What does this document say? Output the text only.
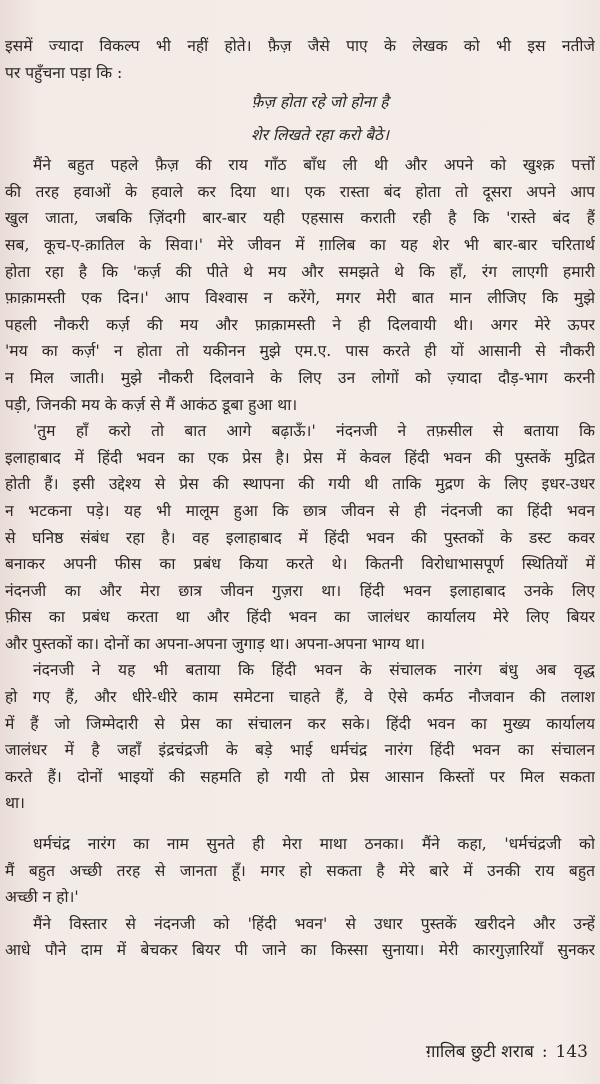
इसमें ज्यादा विकल्प भी नहीं होते। फ़ैज़ जैसे पाए के लेखक को भी इस नतीजे
पर पहुँचना पड़ा कि :
फ़ैज़ होता रहे जो होना है
शेर लिखते रहा करो बैठे।
मैंने बहुत पहले फ़ैज़ की राय गाँठ बाँध ली थी और अपने को खुश्क़ पत्तों
की तरह हवाओं के हवाले कर दिया था। एक रास्ता बंद होता तो दूसरा अपने आप
खुल जाता, जबकि ज़िंदगी बार-बार यही एहसास कराती रही है कि 'रास्ते बंद हैं
सब, कूच-ए-क़ातिल के सिवा।' मेरे जीवन में ग़ालिब का यह शेर भी बार-बार चरितार्थ
होता रहा है कि 'कर्ज़ की पीते थे मय और समझते थे कि हाँ, रंग लाएगी हमारी
फ़ाक़ामस्ती एक दिन।' आप विश्वास न करेंगे, मगर मेरी बात मान लीजिए कि मुझे
पहली नौकरी कर्ज़ की मय और फ़ाक़ामस्ती ने ही दिलवायी थी। अगर मेरे ऊपर
'मय का कर्ज़' न होता तो यकीनन मुझे एम.ए. पास करते ही यों आसानी से नौकरी
न मिल जाती। मुझे नौकरी दिलवाने के लिए उन लोगों को ज़्यादा दौड़-भाग करनी
पड़ी, जिनकी मय के कर्ज़ से मैं आकंठ डूबा हुआ था।
'तुम हाँ करो तो बात आगे बढ़ाऊँ।' नंदनजी ने तफ़सील से बताया कि
इलाहाबाद में हिंदी भवन का एक प्रेस है। प्रेस में केवल हिंदी भवन की पुस्तकें मुद्रित
होती हैं। इसी उद्देश्य से प्रेस की स्थापना की गयी थी ताकि मुद्रण के लिए इधर-उधर
न भटकना पड़े। यह भी मालूम हुआ कि छात्र जीवन से ही नंदनजी का हिंदी भवन
से घनिष्ठ संबंध रहा है। वह इलाहाबाद में हिंदी भवन की पुस्तकों के डस्ट कवर
बनाकर अपनी फीस का प्रबंध किया करते थे। कितनी विरोधाभासपूर्ण स्थितियों में
नंदनजी का और मेरा छात्र जीवन गुज़रा था। हिंदी भवन इलाहाबाद उनके लिए
फ़ीस का प्रबंध करता था और हिंदी भवन का जालंधर कार्यालय मेरे लिए बियर
और पुस्तकों का। दोनों का अपना-अपना जुगाड़ था। अपना-अपना भाग्य था।
नंदनजी ने यह भी बताया कि हिंदी भवन के संचालक नारंग बंधु अब वृद्ध
हो गए हैं, और धीरे-धीरे काम समेटना चाहते हैं, वे ऐसे कर्मठ नौजवान की तलाश
में हैं जो जिम्मेदारी से प्रेस का संचालन कर सके। हिंदी भवन का मुख्य कार्यालय
जालंधर में है जहाँ इंद्रचंद्रजी के बड़े भाई धर्मचंद्र नारंग हिंदी भवन का संचालन
करते हैं। दोनों भाइयों की सहमति हो गयी तो प्रेस आसान किस्तों पर मिल सकता
था।
धर्मचंद्र नारंग का नाम सुनते ही मेरा माथा ठनका। मैंने कहा, 'धर्मचंद्रजी को
मैं बहुत अच्छी तरह से जानता हूँ। मगर हो सकता है मेरे बारे में उनकी राय बहुत
अच्छी न हो।'
मैंने विस्तार से नंदनजी को 'हिंदी भवन' से उधार पुस्तकें खरीदने और उन्हें
आधे पौने दाम में बेचकर बियर पी जाने का किस्सा सुनाया। मेरी कारगुज़ारियाँ सुनकर
ग़ालिब छुटी शराब : 143
